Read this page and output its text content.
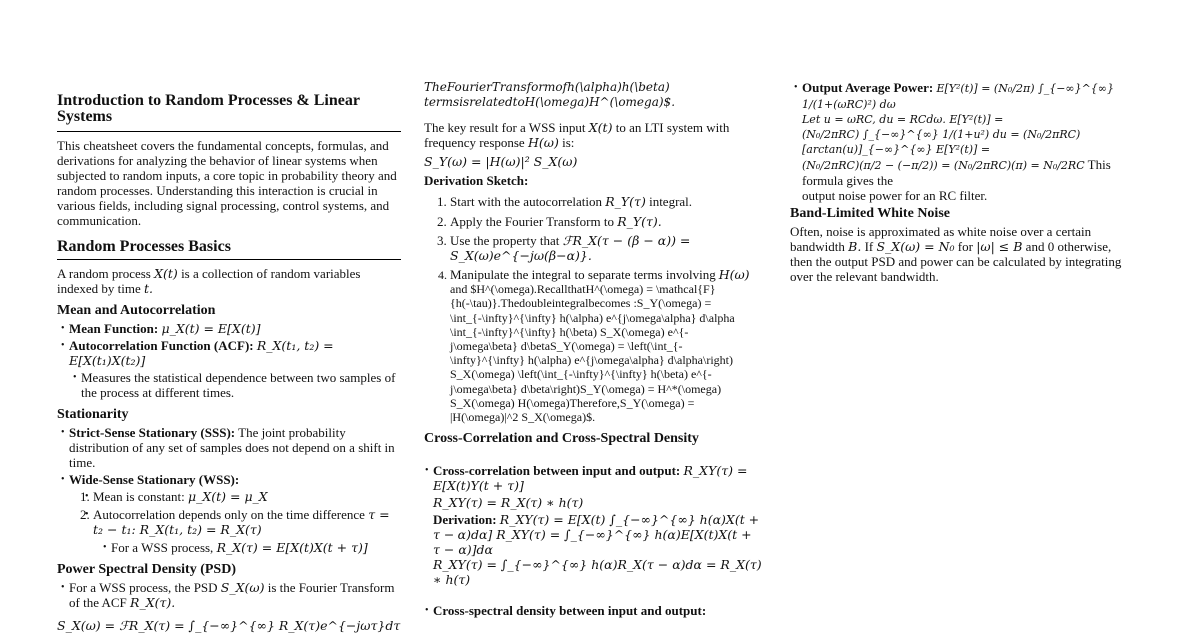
Introduction to Random Processes & Linear Systems

This cheatsheet covers the fundamental concepts, formulas, and derivations for analyzing the behavior of linear systems when subjected to random inputs, a core topic in probability theory and random processes. Understanding this interaction is crucial in various fields, including signal processing, control systems, and communication.

Random Processes Basics

A random process X(t) is a collection of random variables indexed by time t.

Mean and Autocorrelation
• Mean Function: μ_X(t) = E[X(t)]
• Autocorrelation Function (ACF): R_X(t₁, t₂) = E[X(t₁)X(t₂)]
• Measures the statistical dependence between two samples of the process at different times.
Stationarity
• Strict-Sense Stationary (SSS): The joint probability distribution of any set of samples does not depend on a shift in time.
• Wide-Sense Stationary (WSS):
• 1. Mean is constant: μ_X(t) = μ_X
• 2. Autocorrelation depends only on the time difference τ = t₂ − t₁: R_X(t₁, t₂) = R_X(τ)
• For a WSS process, R_X(τ) = E[X(t)X(t + τ)]
Power Spectral Density (PSD)
• For a WSS process, the PSD S_X(ω) is the Fourier Transform of the ACF R_X(τ).

S_X(ω) = ℱR_X(τ) = ∫_{−∞}^{∞} R_X(τ)e^{−jωτ}dτ

TheFourierTransformofh(\alpha)h(\beta)
termsisrelatedtoH(\omega)H^(\omega)$.

The key result for a WSS input X(t) to an LTI system with frequency response H(ω) is:

S_Y(ω) = |H(ω)|² S_X(ω)

Derivation Sketch:
1. Start with the autocorrelation R_Y(τ) integral.
2. Apply the Fourier Transform to R_Y(τ).
3. Use the property that ℱR_X(τ − (β − α)) = S_X(ω)e^{−jω(β−α)}.
4. Manipulate the integral to separate terms involving H(ω)
and $H^(\omega).RecallthatH^(\omega) = \mathcal{F}
{h(-\tau)}.Thedoubleintegralbecomes :S_Y(\omega) =
\int_{-\infty}^{\infty} h(\alpha) e^{j\omega\alpha} d\alpha
\int_{-\infty}^{\infty} h(\beta) S_X(\omega) e^{-
j\omega\beta} d\betaS_Y(\omega) = \left(\int_{-
\infty}^{\infty} h(\alpha) e^{j\omega\alpha} d\alpha\right)
S_X(\omega) \left(\int_{-\infty}^{\infty} h(\beta) e^{-
j\omega\beta} d\beta\right)S_Y(\omega) = H^*(\omega)
S_X(\omega) H(\omega)Therefore,S_Y(\omega) =
|H(\omega)|^2 S_X(\omega)$.
Cross-Correlation and Cross-Spectral Density
• Cross-correlation between input and output: R_XY(τ) = E[X(t)Y(t + τ)]
R_XY(τ) = R_X(τ) ∗ h(τ)
Derivation: R_XY(τ) = E[X(t) ∫_{−∞}^{∞} h(α)X(t + τ − α)dα] R_XY(τ) = ∫_{−∞}^{∞} h(α)E[X(t)X(t + τ − α)]dα
R_XY(τ) = ∫_{−∞}^{∞} h(α)R_X(τ − α)dα = R_X(τ) ∗ h(τ)
• Cross-spectral density between input and output:
• Output Average Power: E[Y²(t)] = (N₀/2π) ∫_{−∞}^{∞} 1/(1+(ωRC)²) dω
Let u = ωRC, du = RCdω. E[Y²(t)] =
(N₀/2πRC) ∫_{−∞}^{∞} 1/(1+u²) du = (N₀/2πRC)[arctan(u)]_{−∞}^{∞} E[Y²(t)] =
(N₀/2πRC)(π/2 − (−π/2)) = (N₀/2πRC)(π) = N₀/2RC This formula gives the
output noise power for an RC filter.
Band-Limited White Noise

Often, noise is approximated as white noise over a certain bandwidth B. If S_X(ω) = N₀ for |ω| ≤ B and 0 otherwise, then the output PSD and power can be calculated by integrating over the relevant bandwidth.
